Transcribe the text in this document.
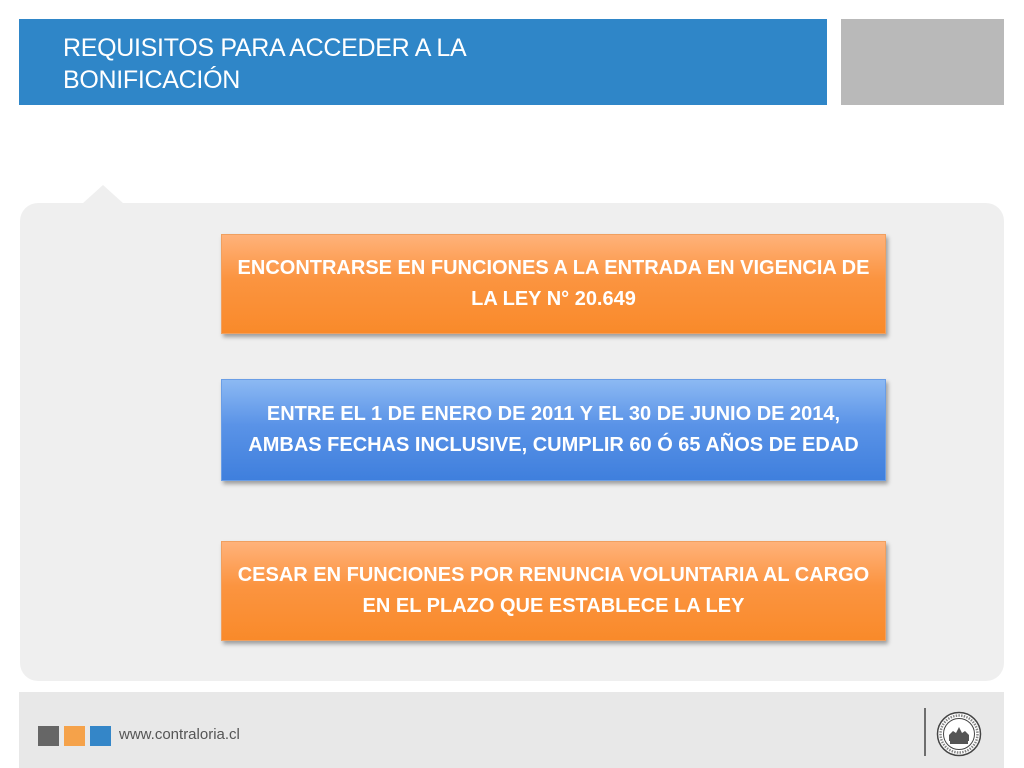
REQUISITOS PARA ACCEDER A LA
BONIFICACIÓN
ENCONTRARSE EN FUNCIONES A LA ENTRADA EN VIGENCIA DE LA LEY N° 20.649
ENTRE EL 1 DE ENERO DE 2011 Y EL 30 DE JUNIO DE 2014, AMBAS FECHAS INCLUSIVE, CUMPLIR 60 Ó 65 AÑOS DE EDAD
CESAR EN FUNCIONES POR RENUNCIA VOLUNTARIA AL CARGO EN EL PLAZO QUE ESTABLECE LA LEY
www.contraloria.cl
